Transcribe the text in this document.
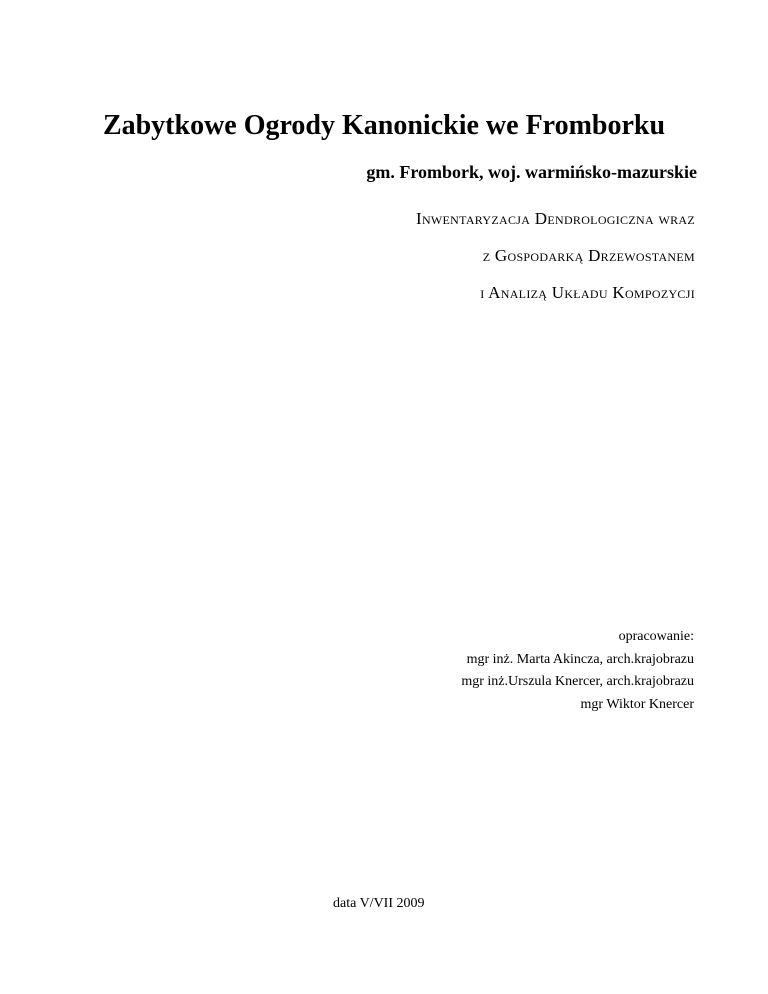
Zabytkowe Ogrody Kanonickie we Fromborku
gm. Frombork, woj. warmińsko-mazurskie
Inwentaryzacja Dendrologiczna wraz
z Gospodarką Drzewostanem
i Analizą Układu Kompozycji
opracowanie:
mgr inż. Marta Akincza, arch.krajobrazu
mgr inż.Urszula Knercer, arch.krajobrazu
mgr Wiktor Knercer
data V/VII 2009
